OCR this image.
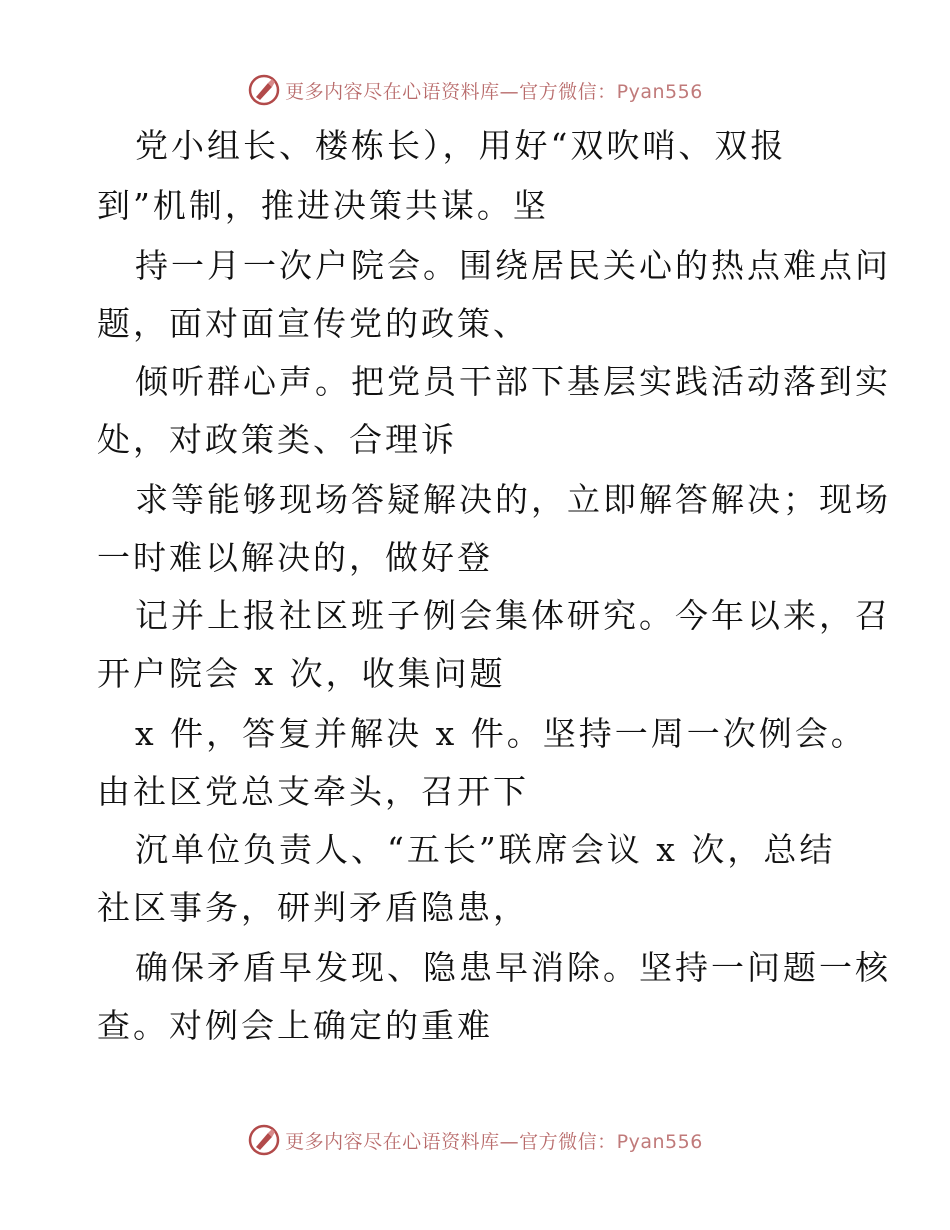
更多内容尽在心语资料库—官方微信：Pyan556
党小组长、楼栋长），用好“双吹哨、双报
到”机制，推进决策共谋。坚
持一月一次户院会。围绕居民关心的热点难点问
题，面对面宣传党的政策、
倾听群心声。把党员干部下基层实践活动落到实
处，对政策类、合理诉
求等能够现场答疑解决的，立即解答解决；现场
一时难以解决的，做好登
记并上报社区班子例会集体研究。今年以来，召
开户院会 x 次，收集问题
x 件，答复并解决 x 件。坚持一周一次例会。
由社区党总支牵头，召开下
沉单位负责人、“五长”联席会议 x 次，总结
社区事务，研判矛盾隐患，
确保矛盾早发现、隐患早消除。坚持一问题一核
查。对例会上确定的重难
更多内容尽在心语资料库—官方微信：Pyan556
